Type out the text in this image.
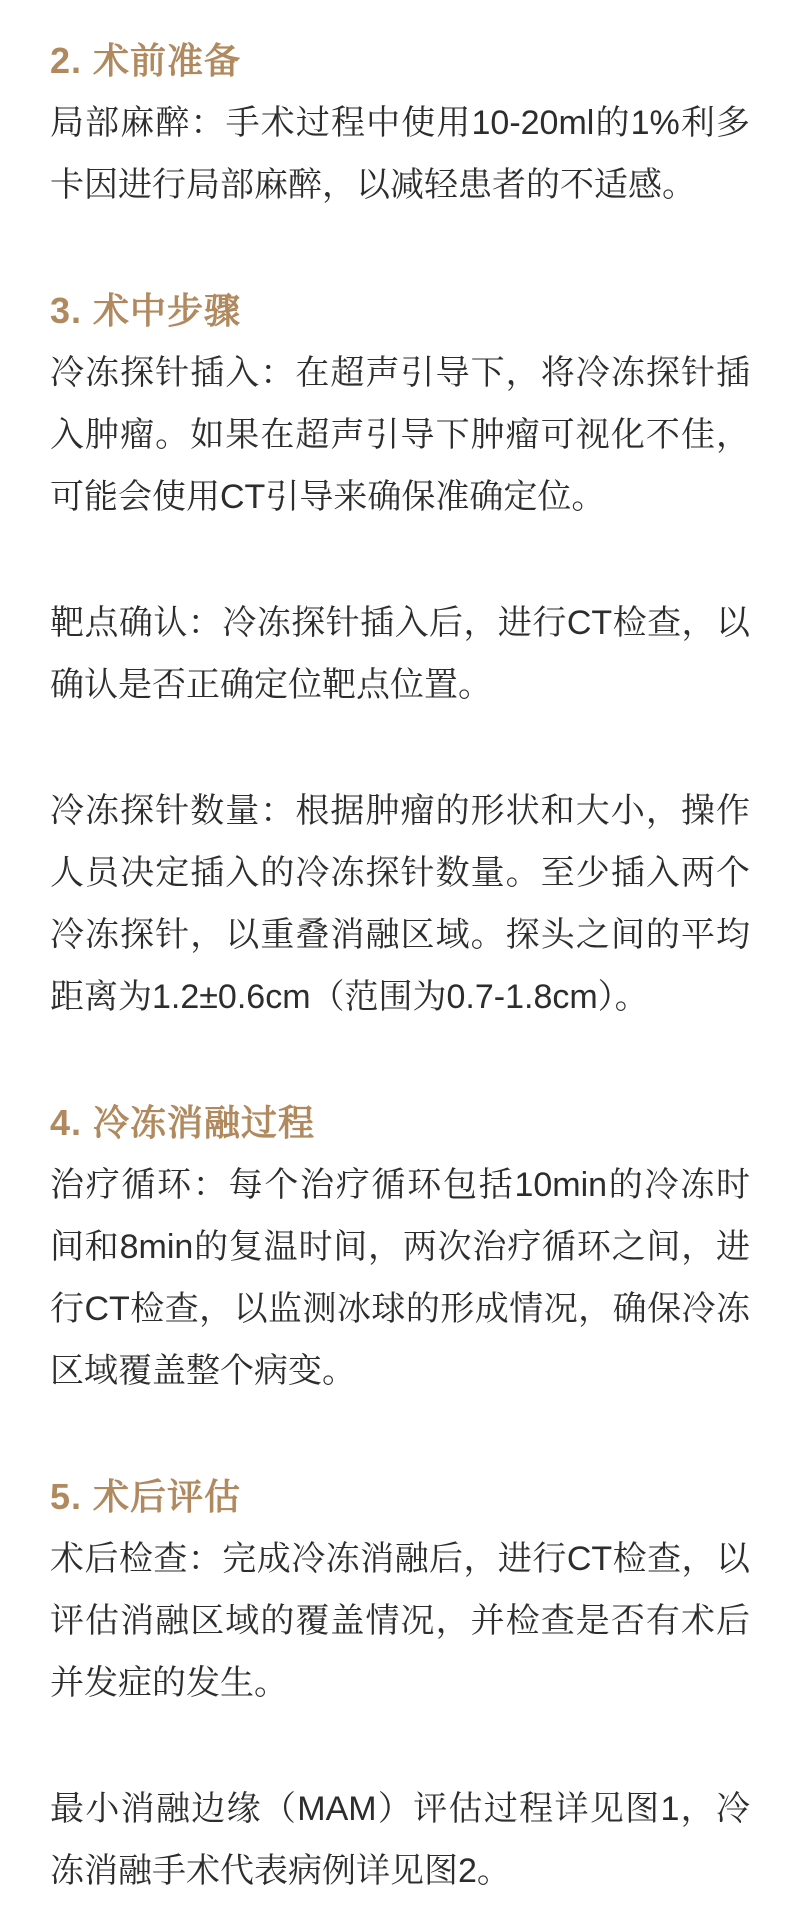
2. 术前准备

局部麻醉：手术过程中使用10-20ml的1%利多卡因进行局部麻醉，以减轻患者的不适感。

3. 术中步骤

冷冻探针插入：在超声引导下，将冷冻探针插入肿瘤。如果在超声引导下肿瘤可视化不佳，可能会使用CT引导来确保准确定位。

靶点确认：冷冻探针插入后，进行CT检查，以确认是否正确定位靶点位置。

冷冻探针数量：根据肿瘤的形状和大小，操作人员决定插入的冷冻探针数量。至少插入两个冷冻探针，以重叠消融区域。探头之间的平均距离为1.2±0.6cm（范围为0.7-1.8cm）。

4. 冷冻消融过程

治疗循环：每个治疗循环包括10min的冷冻时间和8min的复温时间，两次治疗循环之间，进行CT检查，以监测冰球的形成情况，确保冷冻区域覆盖整个病变。

5. 术后评估

术后检查：完成冷冻消融后，进行CT检查，以评估消融区域的覆盖情况，并检查是否有术后并发症的发生。

最小消融边缘（MAM）评估过程详见图1，冷冻消融手术代表病例详见图2。
